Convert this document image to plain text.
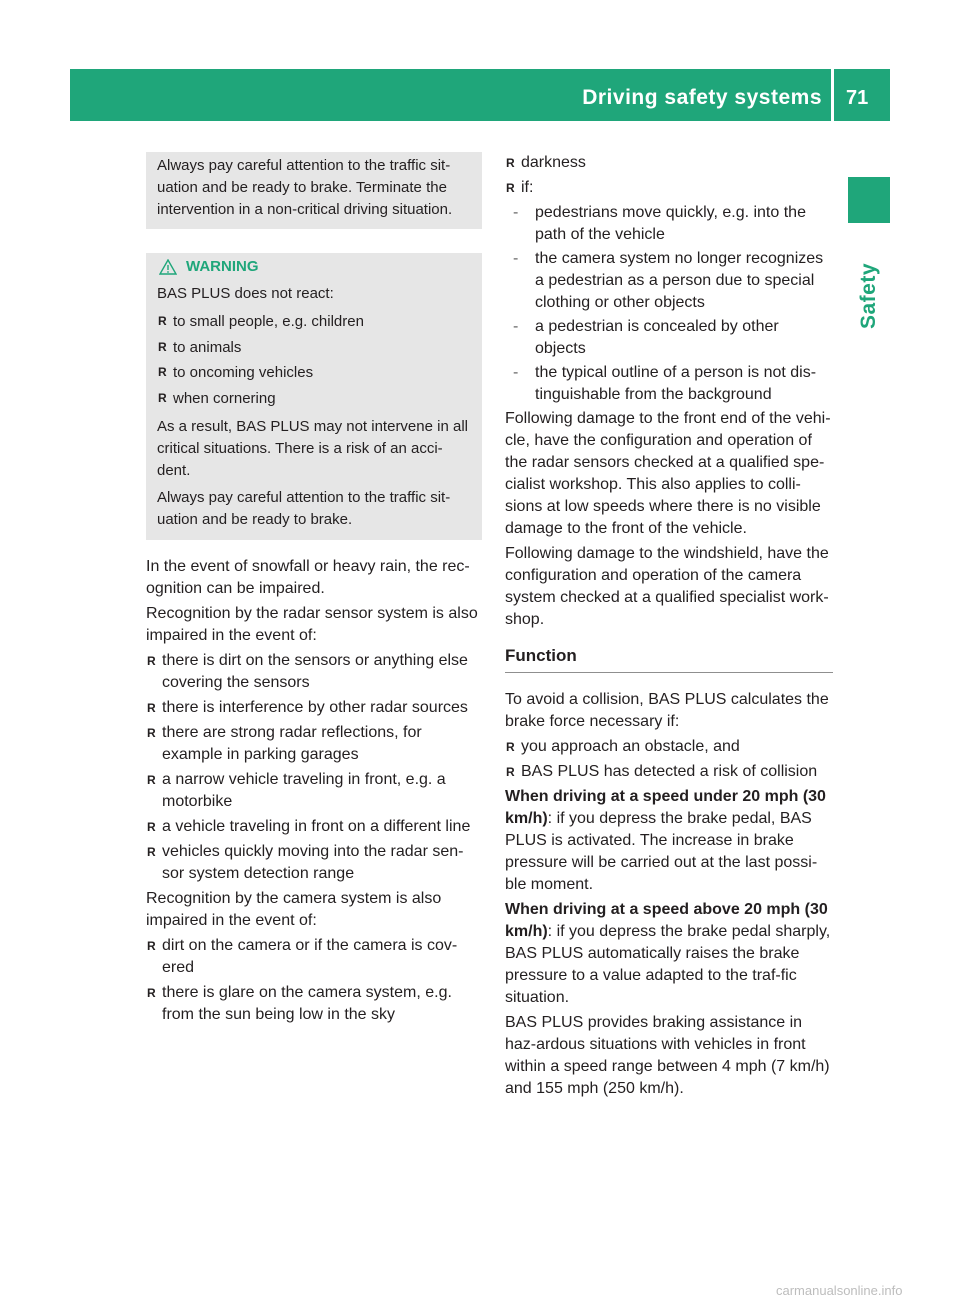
Driving safety systems 71
Safety

Always pay careful attention to the traffic sit-uation and be ready to brake. Terminate the intervention in a non-critical driving situation.

WARNING

BAS PLUS does not react:

R to small people, e.g. children
R to animals
R to oncoming vehicles
R when cornering

As a result, BAS PLUS may not intervene in all critical situations. There is a risk of an acci-dent.

Always pay careful attention to the traffic sit-uation and be ready to brake.

In the event of snowfall or heavy rain, the rec-ognition can be impaired.

Recognition by the radar sensor system is also impaired in the event of:

R there is dirt on the sensors or anything else covering the sensors
R there is interference by other radar sources
R there are strong radar reflections, for example in parking garages
R a narrow vehicle traveling in front, e.g. a motorbike
R a vehicle traveling in front on a different line
R vehicles quickly moving into the radar sen-sor system detection range

Recognition by the camera system is also impaired in the event of:

R dirt on the camera or if the camera is cov-ered
R there is glare on the camera system, e.g. from the sun being low in the sky
R darkness
R if:
- pedestrians move quickly, e.g. into the path of the vehicle
- the camera system no longer recognizes a pedestrian as a person due to special clothing or other objects
- a pedestrian is concealed by other objects
- the typical outline of a person is not dis-tinguishable from the background

Following damage to the front end of the vehi-cle, have the configuration and operation of the radar sensors checked at a qualified spe-cialist workshop. This also applies to colli-sions at low speeds where there is no visible damage to the front of the vehicle.

Following damage to the windshield, have the configuration and operation of the camera system checked at a qualified specialist work-shop.

Function

To avoid a collision, BAS PLUS calculates the brake force necessary if:

R you approach an obstacle, and
R BAS PLUS has detected a risk of collision

When driving at a speed under 20 mph (30 km/h): if you depress the brake pedal, BAS PLUS is activated. The increase in brake pressure will be carried out at the last possi-ble moment.

When driving at a speed above 20 mph (30 km/h): if you depress the brake pedal sharply, BAS PLUS automatically raises the brake pressure to a value adapted to the traf-fic situation.

BAS PLUS provides braking assistance in haz-ardous situations with vehicles in front within a speed range between 4 mph (7 km/h) and 155 mph (250 km/h).

carmanualsonline.info
